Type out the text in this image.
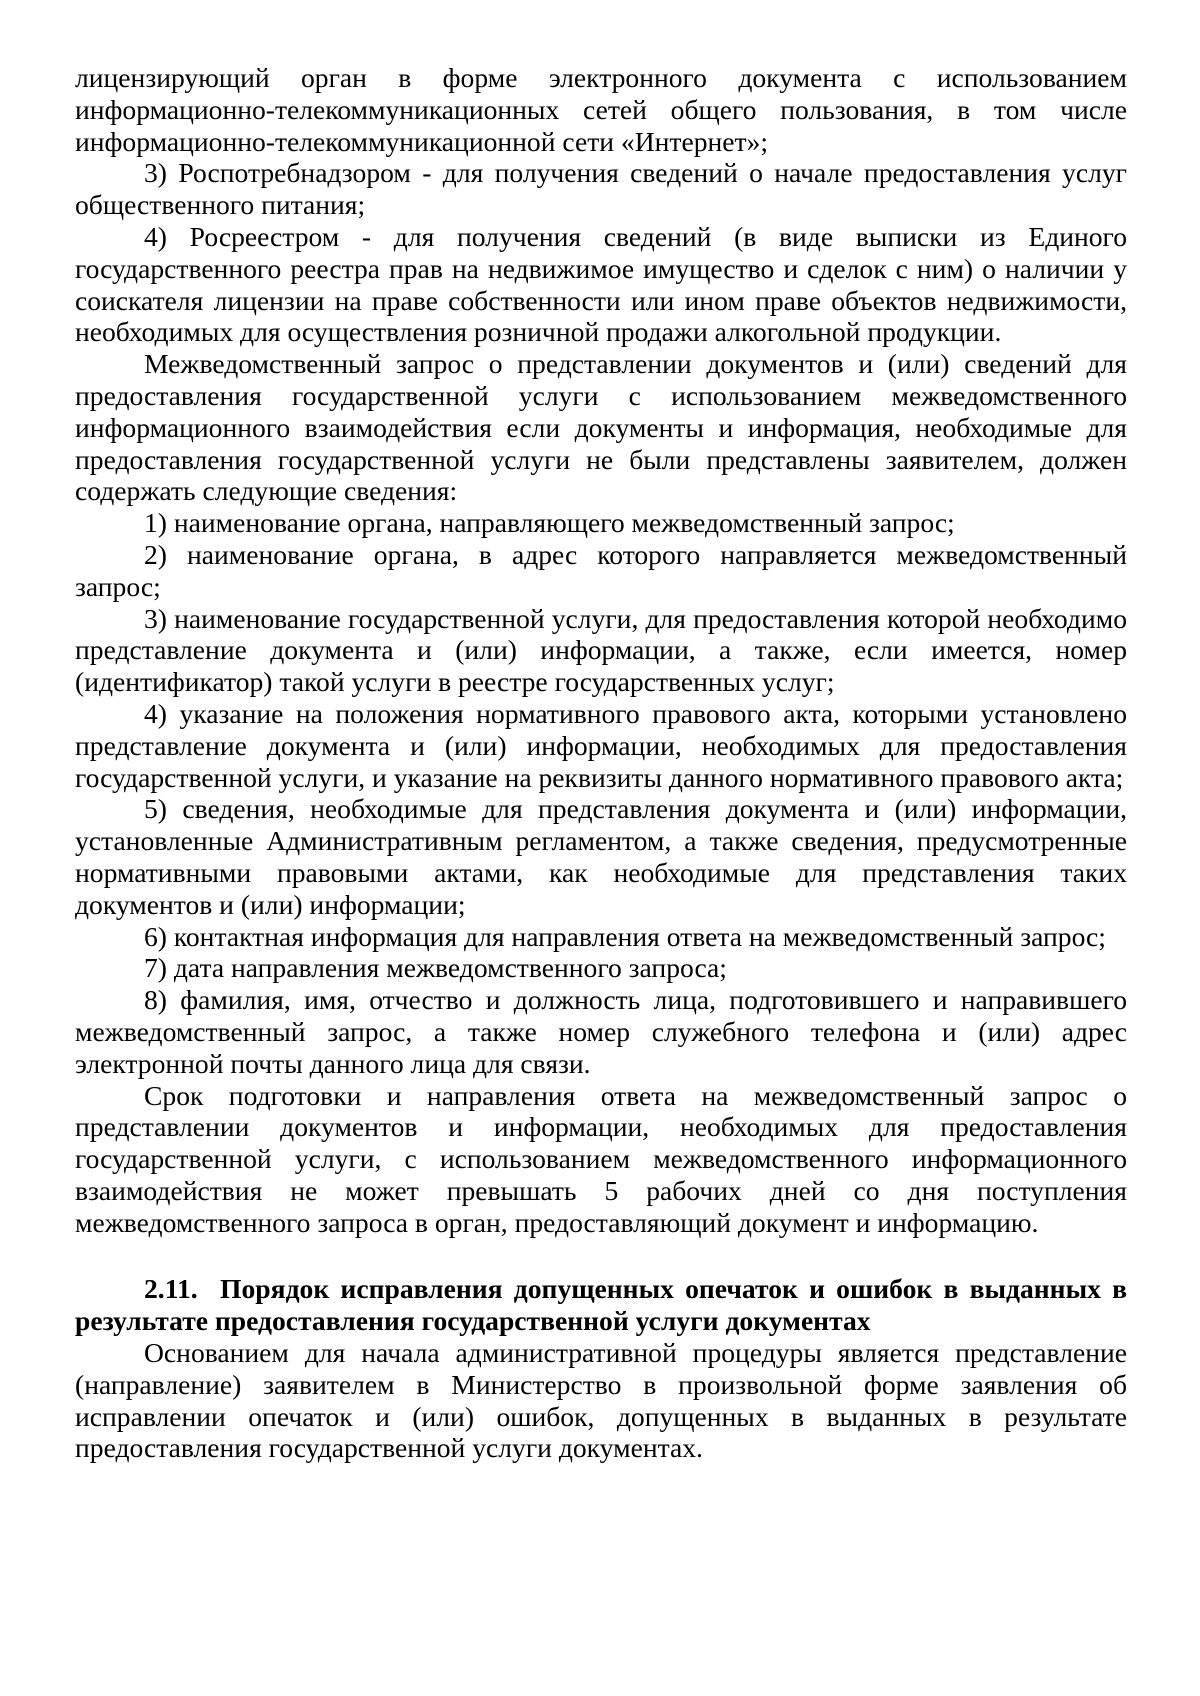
лицензирующий орган в форме электронного документа с использованием информационно-телекоммуникационных сетей общего пользования, в том числе информационно-телекоммуникационной сети «Интернет»;

3) Роспотребнадзором - для получения сведений о начале предоставления услуг общественного питания;

4) Росреестром - для получения сведений (в виде выписки из Единого государственного реестра прав на недвижимое имущество и сделок с ним) о наличии у соискателя лицензии на праве собственности или ином праве объектов недвижимости, необходимых для осуществления розничной продажи алкогольной продукции.

Межведомственный запрос о представлении документов и (или) сведений для предоставления государственной услуги с использованием межведомственного информационного взаимодействия если документы и информация, необходимые для предоставления государственной услуги не были представлены заявителем, должен содержать следующие сведения:

1) наименование органа, направляющего межведомственный запрос;

2) наименование органа, в адрес которого направляется межведомственный запрос;

3) наименование государственной услуги, для предоставления которой необходимо представление документа и (или) информации, а также, если имеется, номер (идентификатор) такой услуги в реестре государственных услуг;

4) указание на положения нормативного правового акта, которыми установлено представление документа и (или) информации, необходимых для предоставления государственной услуги, и указание на реквизиты данного нормативного правового акта;

5) сведения, необходимые для представления документа и (или) информации, установленные Административным регламентом, а также сведения, предусмотренные нормативными правовыми актами, как необходимые для представления таких документов и (или) информации;

6) контактная информация для направления ответа на межведомственный запрос;

7) дата направления межведомственного запроса;

8) фамилия, имя, отчество и должность лица, подготовившего и направившего межведомственный запрос, а также номер служебного телефона и (или) адрес электронной почты данного лица для связи.

Срок подготовки и направления ответа на межведомственный запрос о представлении документов и информации, необходимых для предоставления государственной услуги, с использованием межведомственного информационного взаимодействия не может превышать 5 рабочих дней со дня поступления межведомственного запроса в орган, предоставляющий документ и информацию.

2.11. Порядок исправления допущенных опечаток и ошибок в выданных в результате предоставления государственной услуги документах

Основанием для начала административной процедуры является представление (направление) заявителем в Министерство в произвольной форме заявления об исправлении опечаток и (или) ошибок, допущенных в выданных в результате предоставления государственной услуги документах.
